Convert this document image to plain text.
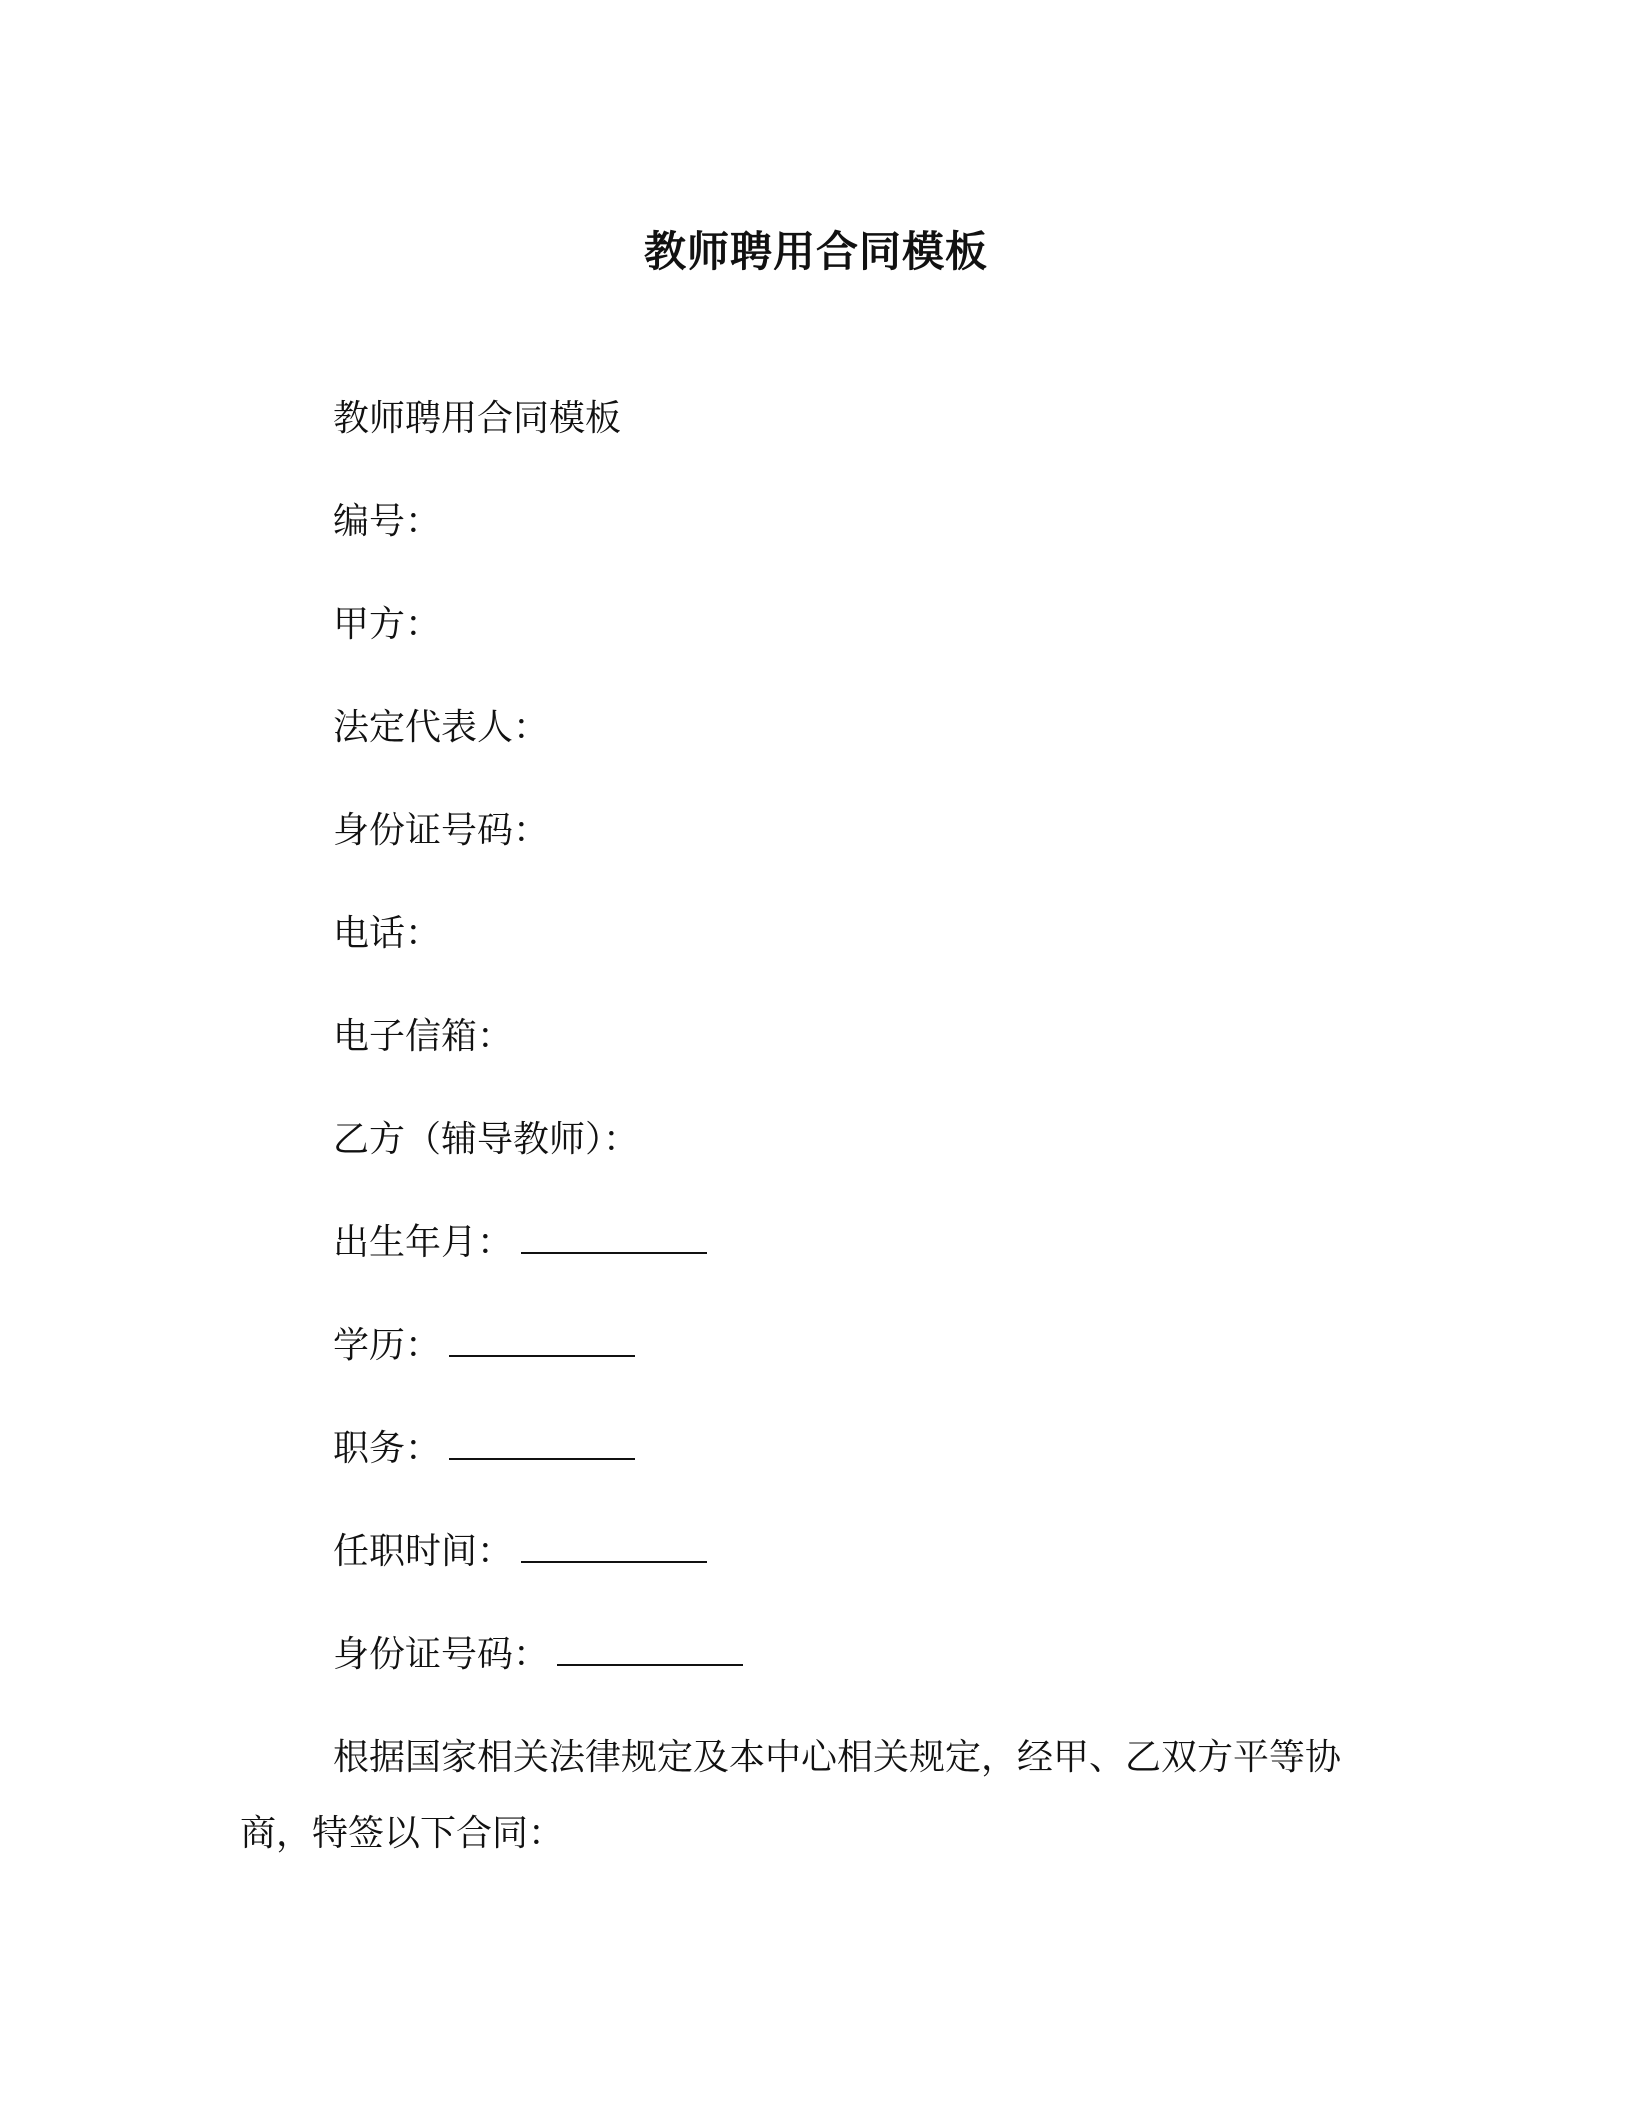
教师聘用合同模板
教师聘用合同模板
编号：
甲方：
法定代表人：
身份证号码：
电话：
电子信箱：
乙方（辅导教师）：
出生年月：
学历：
职务：
任职时间：
身份证号码：
根据国家相关法律规定及本中心相关规定，经甲、乙双方平等协商，特签以下合同：
